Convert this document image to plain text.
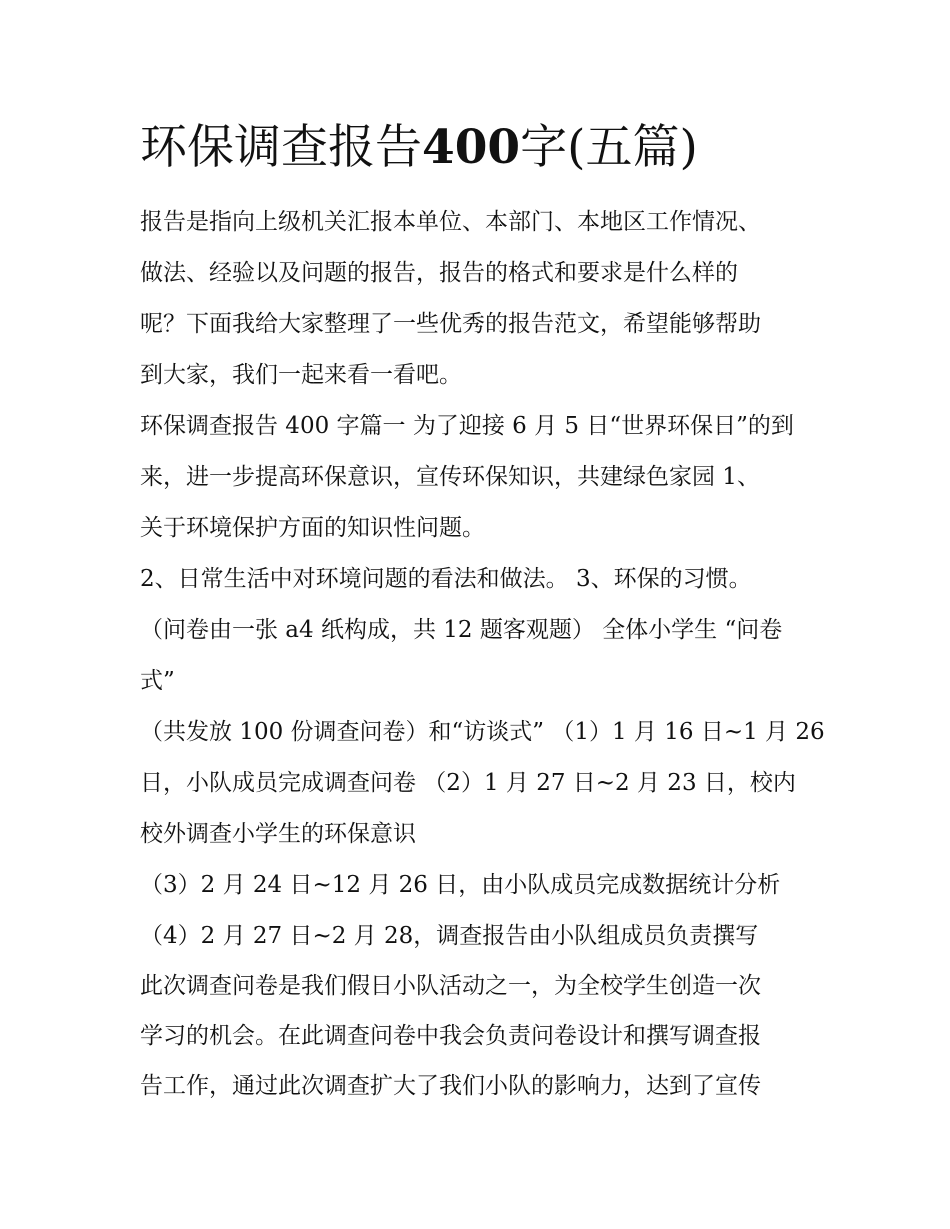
环保调查报告400字(五篇)
报告是指向上级机关汇报本单位、本部门、本地区工作情况、
做法、经验以及问题的报告，报告的格式和要求是什么样的
呢？下面我给大家整理了一些优秀的报告范文，希望能够帮助
到大家，我们一起来看一看吧。
环保调查报告 400 字篇一 为了迎接 6 月 5 日“世界环保日”的到
来，进一步提高环保意识，宣传环保知识，共建绿色家园 1、
关于环境保护方面的知识性问题。
2、日常生活中对环境问题的看法和做法。 3、环保的习惯。
（问卷由一张 a4 纸构成，共 12 题客观题） 全体小学生 “问卷
式”
（共发放 100 份调查问卷）和“访谈式” （1）1 月 16 日~1 月 26
日，小队成员完成调查问卷 （2）1 月 27 日~2 月 23 日，校内
校外调查小学生的环保意识
（3）2 月 24 日~12 月 26 日，由小队成员完成数据统计分析
（4）2 月 27 日~2 月 28，调查报告由小队组成员负责撰写
此次调查问卷是我们假日小队活动之一，为全校学生创造一次
学习的机会。在此调查问卷中我会负责问卷设计和撰写调查报
告工作，通过此次调查扩大了我们小队的影响力，达到了宣传
